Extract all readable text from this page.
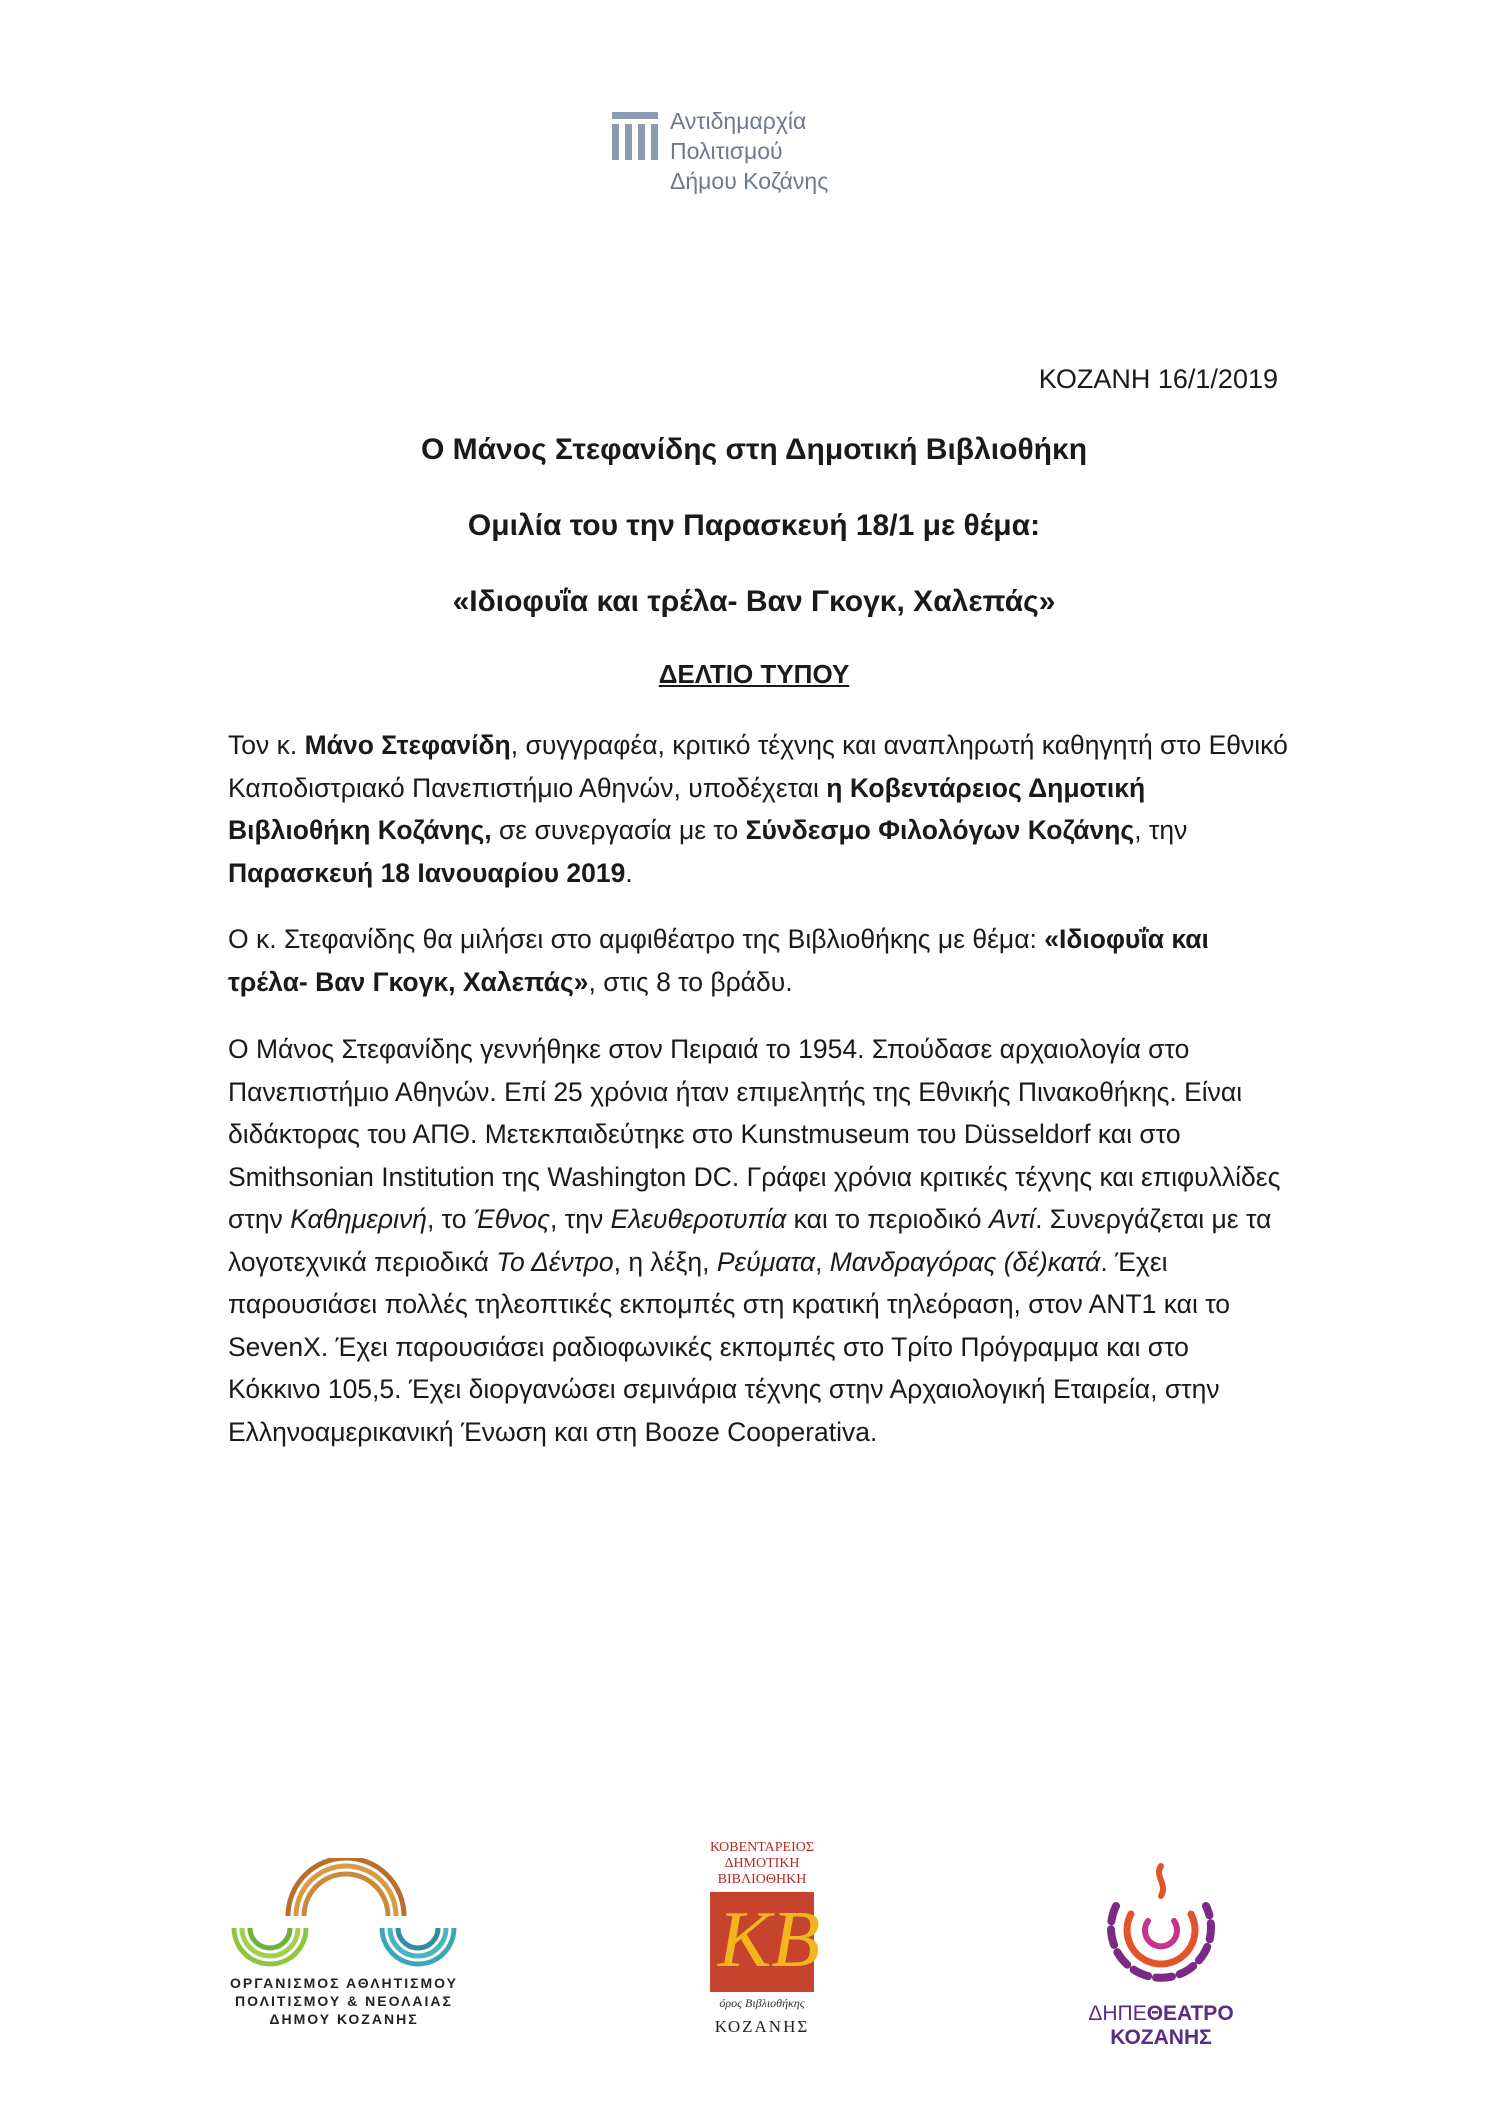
Αντιδημαρχία Πολιτισμού
Δήμου Κοζάνης
ΚΟΖΑΝΗ 16/1/2019
Ο Μάνος Στεφανίδης στη Δημοτική Βιβλιοθήκη
Ομιλία του την Παρασκευή 18/1 με θέμα:
«Ιδιοφυΐα και τρέλα- Βαν Γκογκ, Χαλεπάς»
ΔΕΛΤΙΟ ΤΥΠΟΥ

Τον κ. Μάνο Στεφανίδη, συγγραφέα, κριτικό τέχνης και αναπληρωτή καθηγητή στο Εθνικό Καποδιστριακό Πανεπιστήμιο Αθηνών, υποδέχεται η Κοβεντάρειος Δημοτική Βιβλιοθήκη Κοζάνης, σε συνεργασία με το Σύνδεσμο Φιλολόγων Κοζάνης, την Παρασκευή 18 Ιανουαρίου 2019.

Ο κ. Στεφανίδης θα μιλήσει στο αμφιθέατρο της Βιβλιοθήκης με θέμα: «Ιδιοφυΐα και τρέλα- Βαν Γκογκ, Χαλεπάς», στις 8 το βράδυ.

Ο Μάνος Στεφανίδης γεννήθηκε στον Πειραιά το 1954. Σπούδασε αρχαιολογία στο Πανεπιστήμιο Αθηνών. Επί 25 χρόνια ήταν επιμελητής της Εθνικής Πινακοθήκης. Είναι διδάκτορας του ΑΠΘ. Μετεκπαιδεύτηκε στο Kunstmuseum του Düsseldorf και στο Smithsonian Institution της Washington DC. Γράφει χρόνια κριτικές τέχνης και επιφυλλίδες στην Καθημερινή, το Έθνος, την Ελευθεροτυπία και το περιοδικό Αντί. Συνεργάζεται με τα λογοτεχνικά περιοδικά Το Δέντρο, η λέξη, Ρεύματα, Μανδραγόρας (δέ)κατά. Έχει παρουσιάσει πολλές τηλεοπτικές εκπομπές στη κρατική τηλεόραση, στον ΑΝΤ1 και το SevenX. Έχει παρουσιάσει ραδιοφωνικές εκπομπές στο Τρίτο Πρόγραμμα και στο Κόκκινο 105,5. Έχει διοργανώσει σεμινάρια τέχνης στην Αρχαιολογική Εταιρεία, στην Ελληνοαμερικανική Ένωση και στη Booze Cooperativa.

ΟΡΓΑΝΙΣΜΟΣ ΑΘΛΗΤΙΣΜΟΥ
ΠΟΛΙΤΙΣΜΟΥ & ΝΕΟΛΑΙΑΣ
ΔΗΜΟΥ ΚΟΖΑΝΗΣ
ΚΟΒΕΝΤΑΡΕΙΟΣ
ΔΗΜΟΤΙΚΗ
ΒΙΒΛΙΟΘΗΚΗ
ΚΒ
όρος Βιβλιοθήκης
ΚΟΖΑΝΗΣ
ΔΗΠΕΘΕΑΤΡΟ
ΚΟΖΑΝΗΣ
